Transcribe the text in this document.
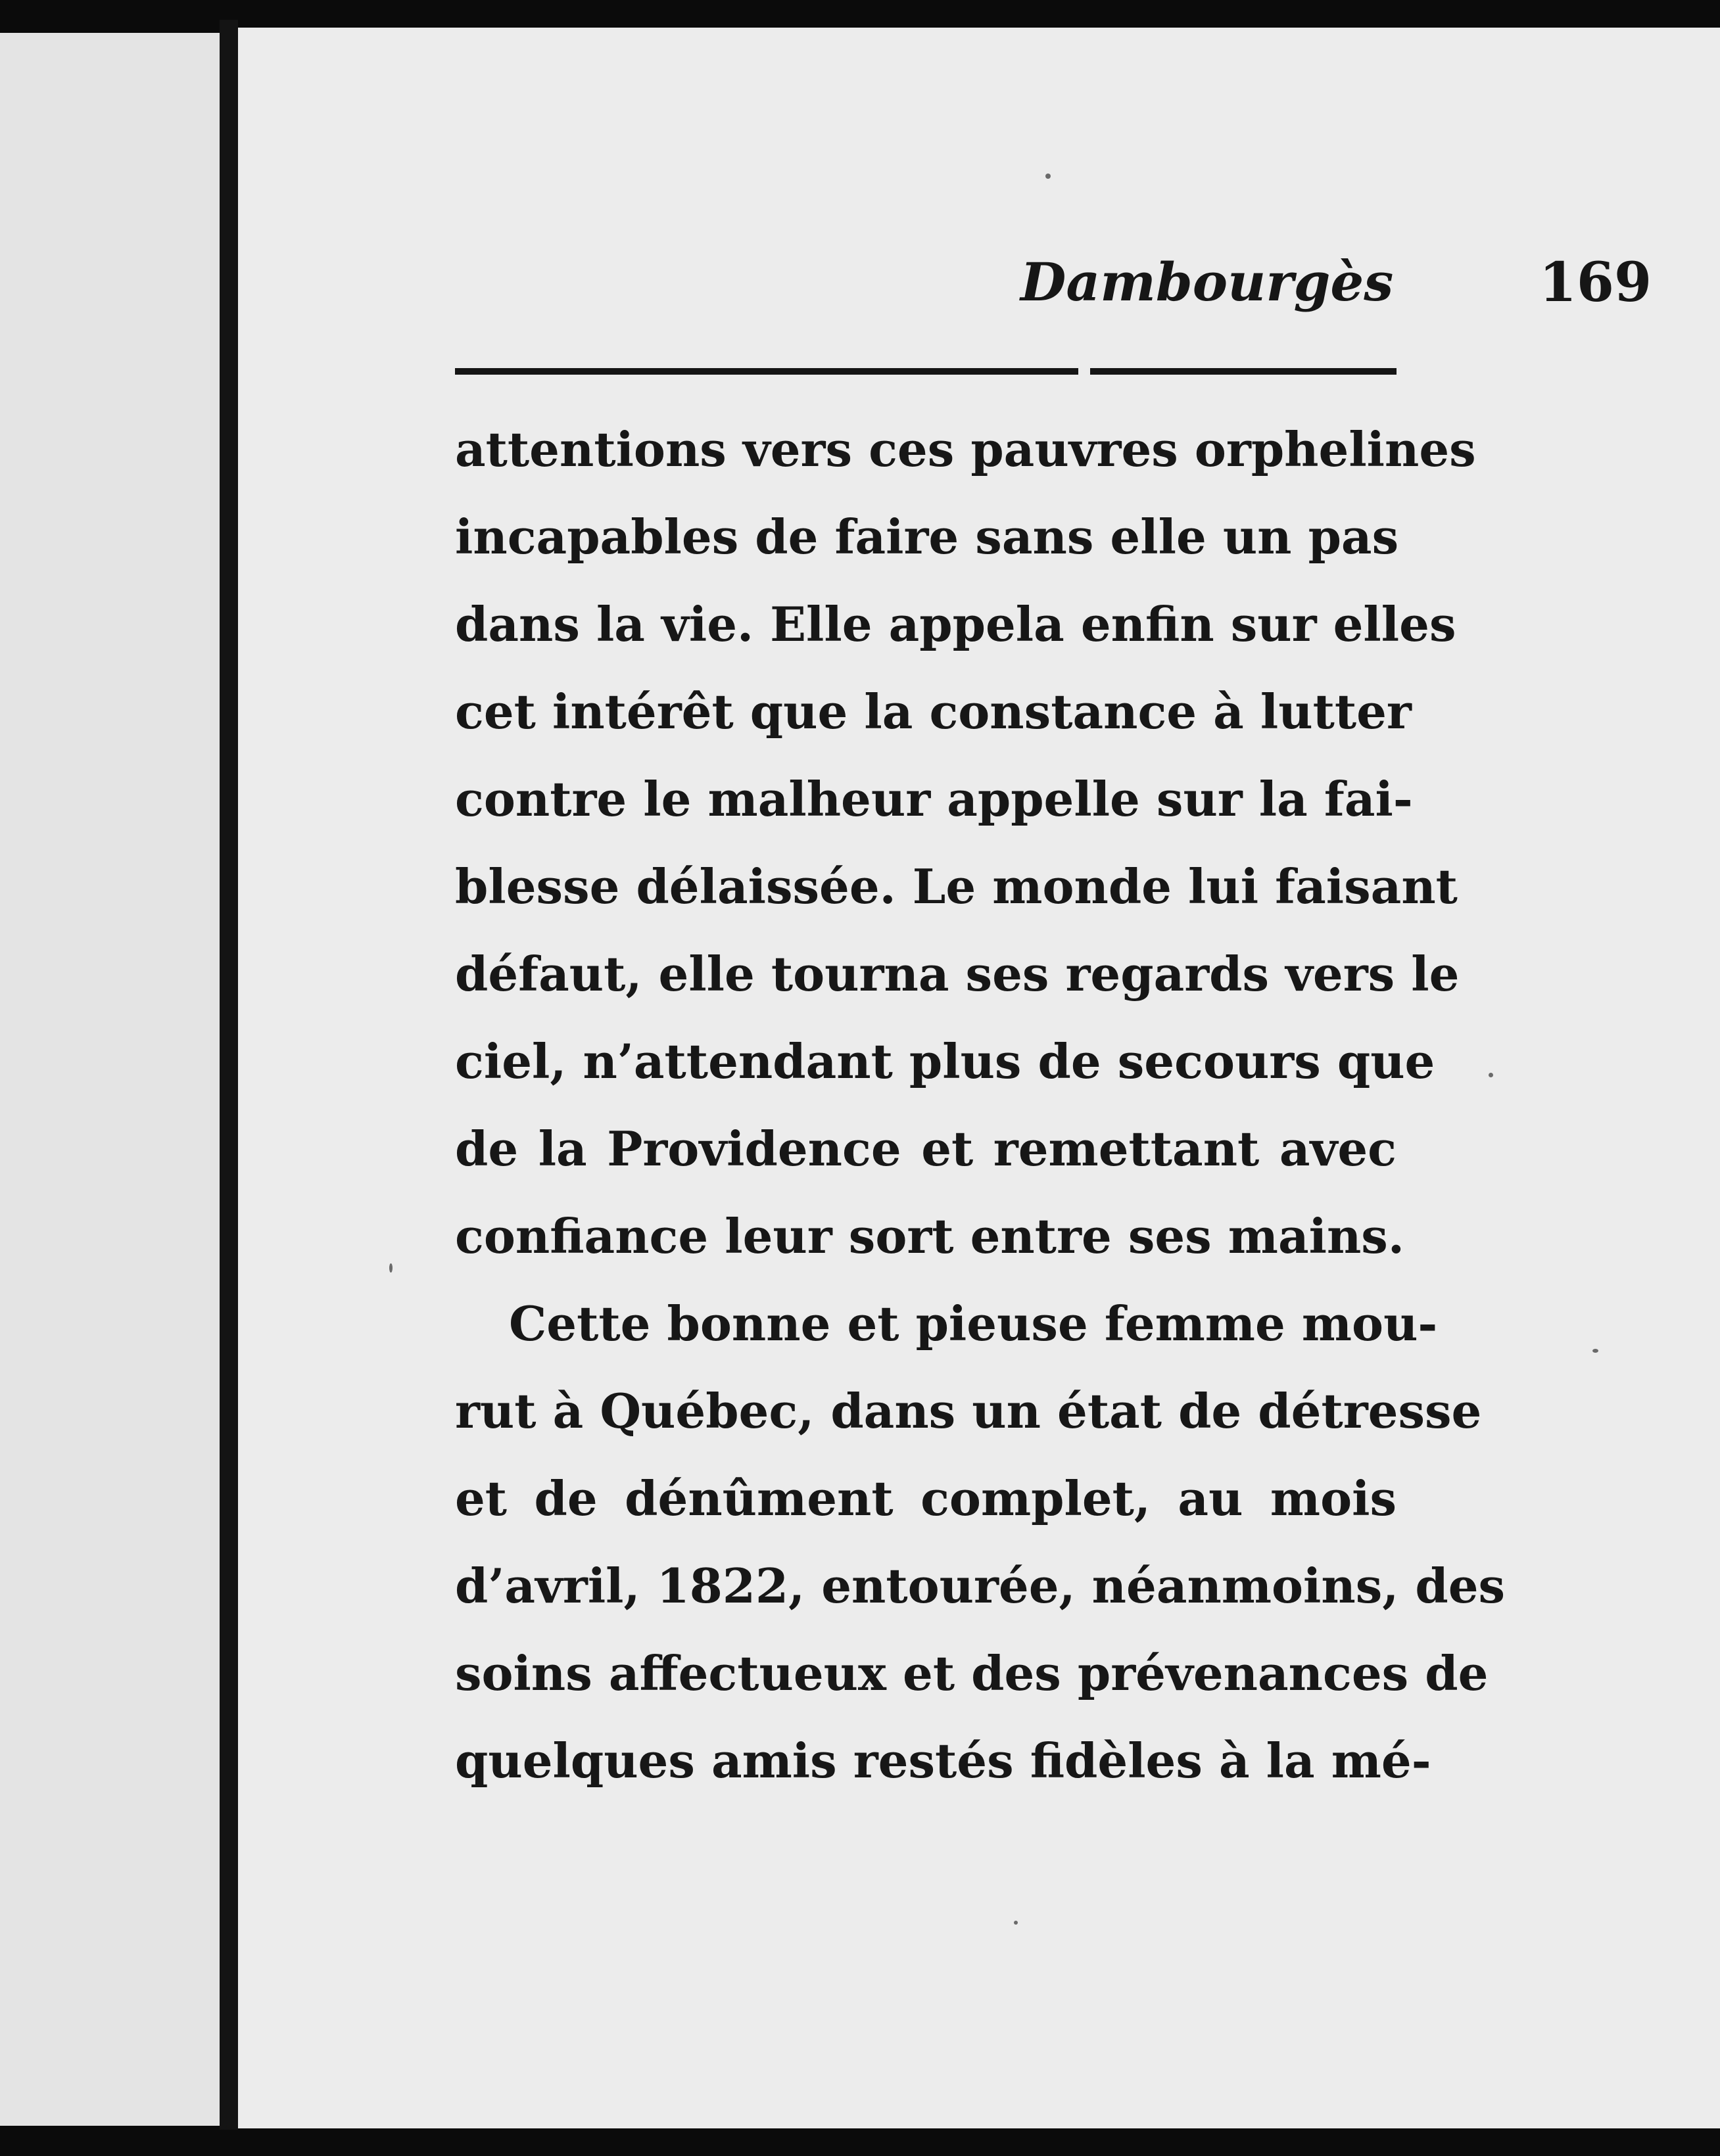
Dambourgès	169
attentions vers ces pauvres orphelines
incapables de faire sans elle un pas
dans la vie. Elle appela enfin sur elles
cet intérêt que la constance à lutter
contre le malheur appelle sur la fai-
blesse délaissée. Le monde lui faisant
défaut, elle tourna ses regards vers le
ciel, n’attendant plus de secours que
de la Providence et remettant avec
confiance leur sort entre ses mains.
Cette bonne et pieuse femme mou-
rut à Québec, dans un état de détresse
et de dénûment complet, au mois
d’avril, 1822, entourée, néanmoins, des
soins affectueux et des prévenances de
quelques amis restés fidèles à la mé-
